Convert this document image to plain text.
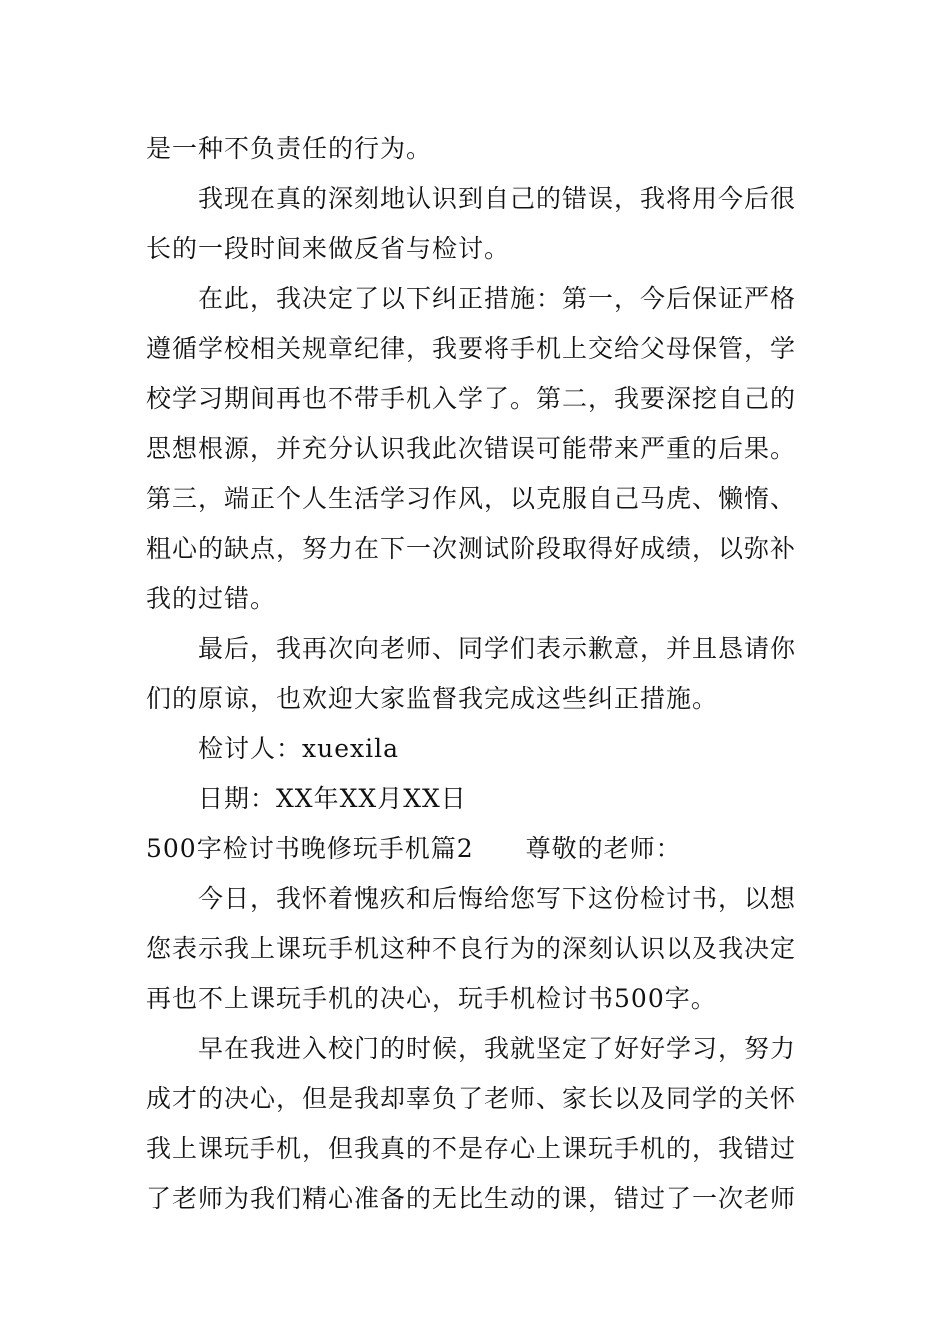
是一种不负责任的行为。
我现在真的深刻地认识到自己的错误，我将用今后很
长的一段时间来做反省与检讨。
在此，我决定了以下纠正措施：第一，今后保证严格
遵循学校相关规章纪律，我要将手机上交给父母保管，学
校学习期间再也不带手机入学了。第二，我要深挖自己的
思想根源，并充分认识我此次错误可能带来严重的后果。
第三，端正个人生活学习作风，以克服自己马虎、懒惰、
粗心的缺点，努力在下一次测试阶段取得好成绩，以弥补
我的过错。
最后，我再次向老师、同学们表示歉意，并且恳请你
们的原谅，也欢迎大家监督我完成这些纠正措施。
检讨人：xuexila
日期：XX年XX月XX日
500字检讨书晚修玩手机篇2 尊敬的老师：
今日，我怀着愧疚和后悔给您写下这份检讨书，以想
您表示我上课玩手机这种不良行为的深刻认识以及我决定
再也不上课玩手机的决心，玩手机检讨书500字。
早在我进入校门的时候，我就坚定了好好学习，努力
成才的决心，但是我却辜负了老师、家长以及同学的关怀
我上课玩手机，但我真的不是存心上课玩手机的，我错过
了老师为我们精心准备的无比生动的课，错过了一次老师
